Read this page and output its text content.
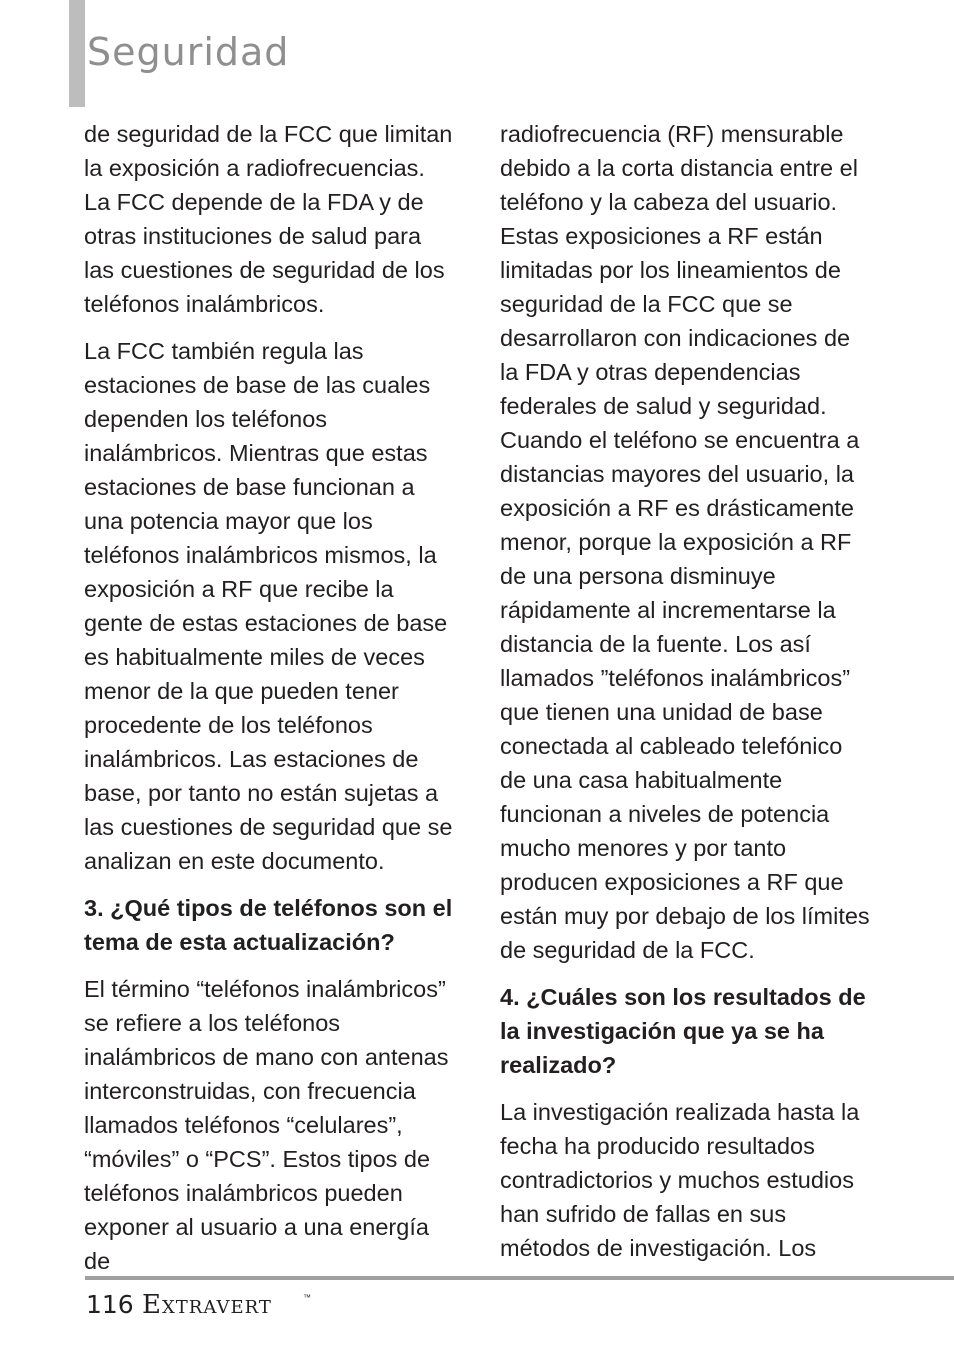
Seguridad

de seguridad de la FCC que limitan la exposición a radiofrecuencias. La FCC depende de la FDA y de otras instituciones de salud para las cuestiones de seguridad de los teléfonos inalámbricos.

La FCC también regula las estaciones de base de las cuales dependen los teléfonos inalámbricos. Mientras que estas estaciones de base funcionan a una potencia mayor que los teléfonos inalámbricos mismos, la exposición a RF que recibe la gente de estas estaciones de base es habitualmente miles de veces menor de la que pueden tener procedente de los teléfonos inalámbricos. Las estaciones de base, por tanto no están sujetas a las cuestiones de seguridad que se analizan en este documento.

3. ¿Qué tipos de teléfonos son el tema de esta actualización?

El término “teléfonos inalámbricos” se refiere a los teléfonos inalámbricos de mano con antenas interconstruidas, con frecuencia llamados teléfonos “celulares”, “móviles” o “PCS”. Estos tipos de teléfonos inalámbricos pueden exponer al usuario a una energía de

radiofrecuencia (RF) mensurable debido a la corta distancia entre el teléfono y la cabeza del usuario. Estas exposiciones a RF están limitadas por los lineamientos de seguridad de la FCC que se desarrollaron con indicaciones de la FDA y otras dependencias federales de salud y seguridad. Cuando el teléfono se encuentra a distancias mayores del usuario, la exposición a RF es drásticamente menor, porque la exposición a RF de una persona disminuye rápidamente al incrementarse la distancia de la fuente. Los así llamados ”teléfonos inalámbricos” que tienen una unidad de base conectada al cableado telefónico de una casa habitualmente funcionan a niveles de potencia mucho menores y por tanto producen exposiciones a RF que están muy por debajo de los límites de seguridad de la FCC.

4. ¿Cuáles son los resultados de la investigación que ya se ha realizado?

La investigación realizada hasta la fecha ha producido resultados contradictorios y muchos estudios han sufrido de fallas en sus métodos de investigación. Los

116 Extravert	™
